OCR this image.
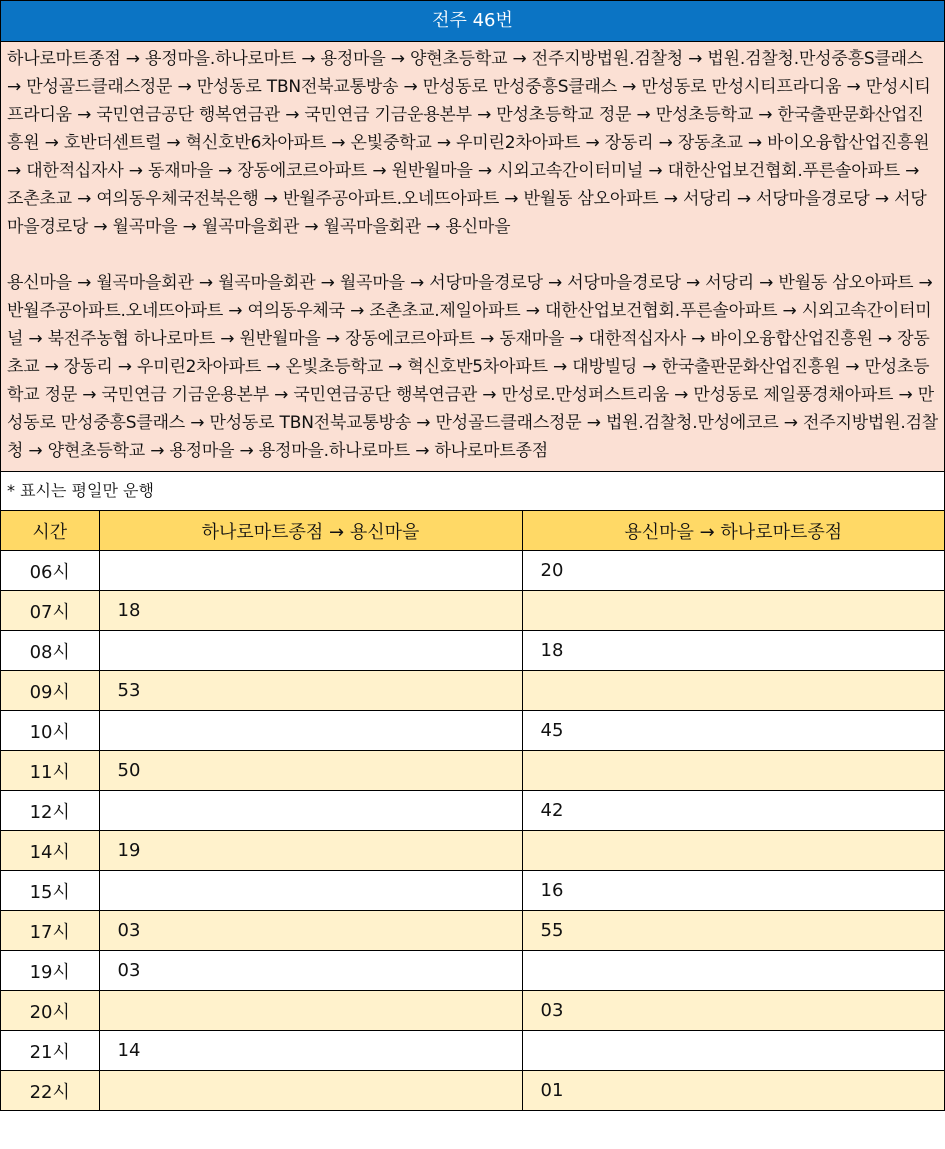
전주 46번

하나로마트종점 → 용정마을.하나로마트 → 용정마을 → 양현초등학교 → 전주지방법원.검찰청 → 법원.검찰청.만성중흥S클래스 → 만성골드클래스정문 → 만성동로 TBN전북교통방송 → 만성동로 만성중흥S클래스 → 만성동로 만성시티프라디움 → 만성시티프라디움 → 국민연금공단 행복연금관 → 국민연금 기금운용본부 → 만성초등학교 정문 → 만성초등학교 → 한국출판문화산업진흥원 → 호반더센트럴 → 혁신호반6차아파트 → 온빛중학교 → 우미린2차아파트 → 장동리 → 장동초교 → 바이오융합산업진흥원 → 대한적십자사 → 동재마을 → 장동에코르아파트 → 원반월마을 → 시외고속간이터미널 → 대한산업보건협회.푸른솔아파트 → 조촌초교 → 여의동우체국전북은행 → 반월주공아파트.오네뜨아파트 → 반월동 삼오아파트 → 서당리 → 서당마을경로당 → 서당마을경로당 → 월곡마을 → 월곡마을회관 → 월곡마을회관 → 용신마을

용신마을 → 월곡마을회관 → 월곡마을회관 → 월곡마을 → 서당마을경로당 → 서당마을경로당 → 서당리 → 반월동 삼오아파트 → 반월주공아파트.오네뜨아파트 → 여의동우체국 → 조촌초교.제일아파트 → 대한산업보건협회.푸른솔아파트 → 시외고속간이터미널 → 북전주농협 하나로마트 → 원반월마을 → 장동에코르아파트 → 동재마을 → 대한적십자사 → 바이오융합산업진흥원 → 장동초교 → 장동리 → 우미린2차아파트 → 온빛초등학교 → 혁신호반5차아파트 → 대방빌딩 → 한국출판문화산업진흥원 → 만성초등학교 정문 → 국민연금 기금운용본부 → 국민연금공단 행복연금관 → 만성로.만성퍼스트리움 → 만성동로 제일풍경채아파트 → 만성동로 만성중흥S클래스 → 만성동로 TBN전북교통방송 → 만성골드클래스정문 → 법원.검찰청.만성에코르 → 전주지방법원.검찰청 → 양현초등학교 → 용정마을 → 용정마을.하나로마트 → 하나로마트종점

* 표시는 평일만 운행
시간	하나로마트종점 → 용신마을	용신마을 → 하나로마트종점
06시		20
07시	18	
08시		18
09시	53	
10시		45
11시	50	
12시		42
14시	19	
15시		16
17시	03	55
19시	03	
20시		03
21시	14	
22시		01
